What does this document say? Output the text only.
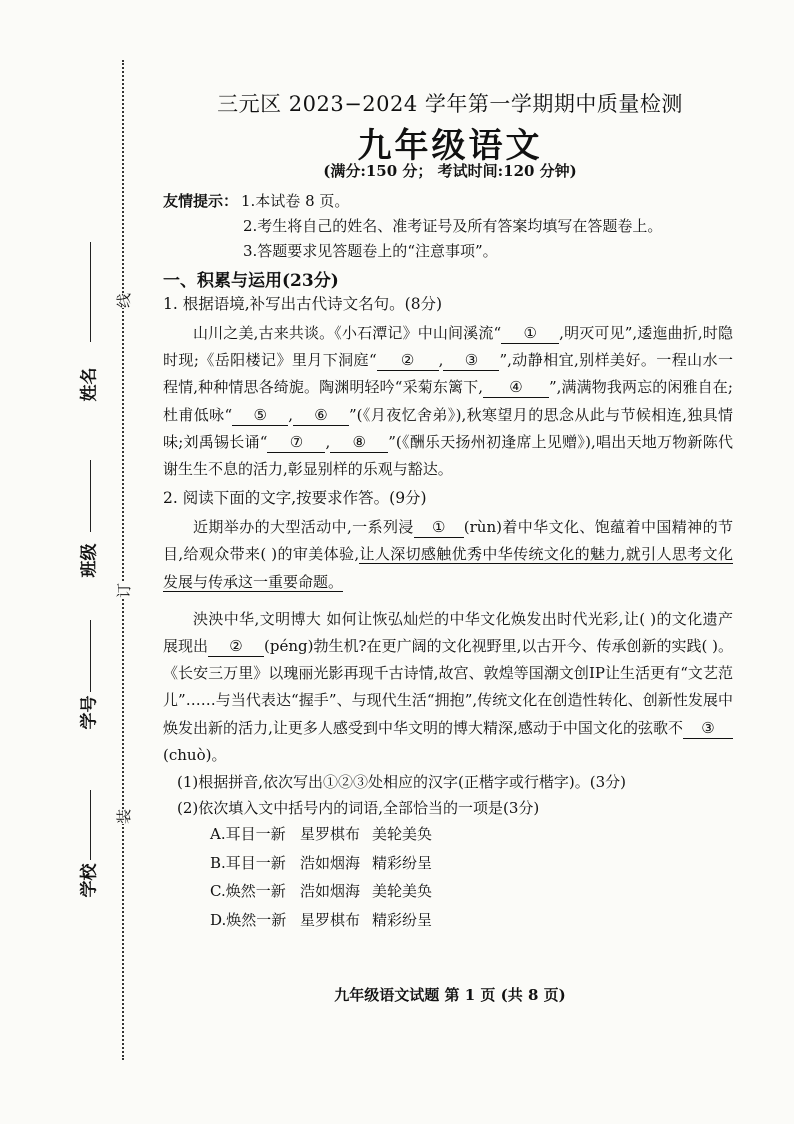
线
订
装
姓名
班级
学号
学校
三元区 2023−2024 学年第一学期期中质量检测
九年级语文
(满分:150 分； 考试时间:120 分钟)
友情提示： 1.本试卷 8 页。
2.考生将自己的姓名、准考证号及所有答案均填写在答题卷上。
3.答题要求见答题卷上的“注意事项”。
一、积累与运用(23分)
1. 根据语境,补写出古代诗文名句。(8分)
山川之美,古来共谈。《小石潭记》中山间溪流“ ① ,明灭可见”,逶迤曲折,时隐时现;《岳阳楼记》里月下洞庭“ ② , ③ ”,动静相宜,别样美好。一程山水一程情,种种情思各绮旎。陶渊明轻吟“采菊东篱下, ④ ”,满满物我两忘的闲雅自在;杜甫低咏“ ⑤ , ⑥ ”(《月夜忆舍弟》),秋寒望月的思念从此与节候相连,独具情味;刘禹锡长诵“ ⑦ , ⑧ ”(《酬乐天扬州初逢席上见赠》),唱出天地万物新陈代谢生生不息的活力,彰显别样的乐观与豁达。
2. 阅读下面的文字,按要求作答。(9分)
近期举办的大型活动中,一系列浸 ① (rùn)着中华文化、饱蕴着中国精神的节目,给观众带来( )的审美体验,让人深切感触优秀中华传统文化的魅力,就引人思考文化发展与传承这一重要命题。
泱泱中华,文明博大 如何让恢弘灿烂的中华文化焕发出时代光彩,让( )的文化遗产展现出 ② (péng)勃生机?在更广阔的文化视野里,以古开今、传承创新的实践( )。《长安三万里》以瑰丽光影再现千古诗情,故宫、敦煌等国潮文创IP让生活更有“文艺范儿”……与当代表达“握手”、与现代生活“拥抱”,传统文化在创造性转化、创新性发展中焕发出新的活力,让更多人感受到中华文明的博大精深,感动于中国文化的弦歌不 ③(chuò)。
(1)根据拼音,依次写出①②③处相应的汉字(正楷字或行楷字)。(3分)
(2)依次填入文中括号内的词语,全部恰当的一项是(3分)
A.耳目一新 星罗棋布 美轮美奂
B.耳目一新 浩如烟海 精彩纷呈
C.焕然一新 浩如烟海 美轮美奂
D.焕然一新 星罗棋布 精彩纷呈
九年级语文试题 第 1 页 (共 8 页)
